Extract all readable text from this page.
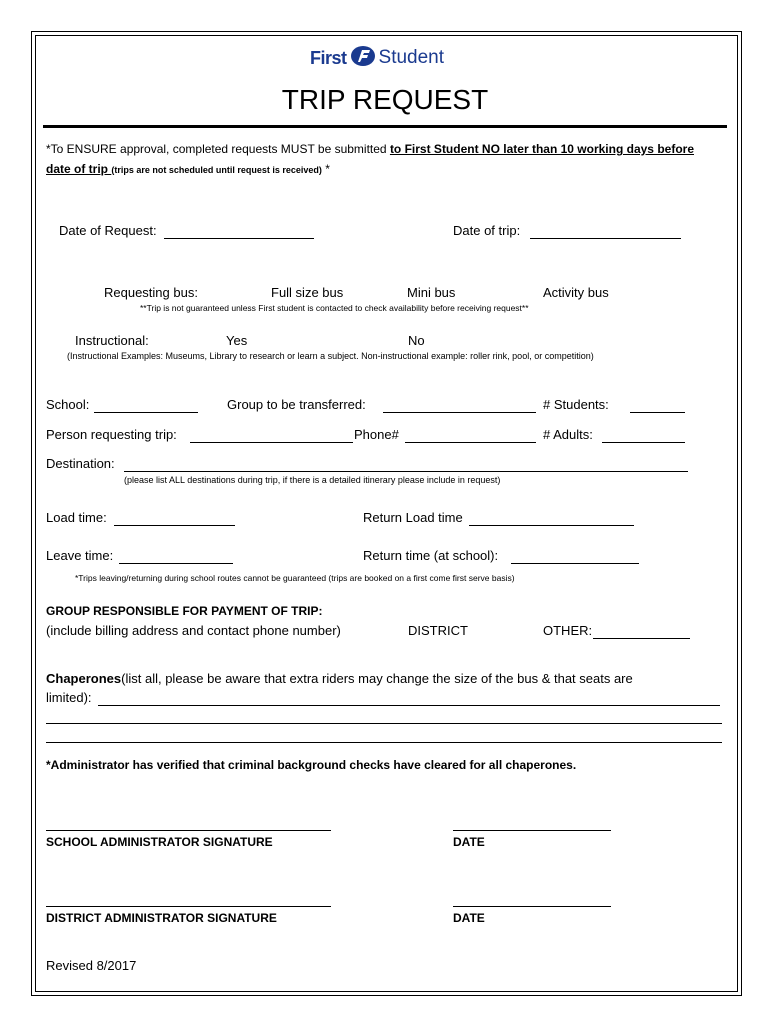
First Student
TRIP REQUEST
*To ENSURE approval, completed requests MUST be submitted to First Student NO later than 10 working days before
date of trip (trips are not scheduled until request is received) *
Date of Request:	Date of trip:
Requesting bus:	Full size bus	Mini bus	Activity bus
**Trip is not guaranteed unless First student is contacted to check availability before receiving request**
Instructional:	Yes	No
(Instructional Examples: Museums, Library to research or learn a subject. Non-instructional example: roller rink, pool, or competition)
School:	Group to be transferred:	# Students:
Person requesting trip:	Phone#	# Adults:
Destination:
(please list ALL destinations during trip, if there is a detailed itinerary please include in request)
Load time:	Return Load time
Leave time:	Return time (at school):
*Trips leaving/returning during school routes cannot be guaranteed (trips are booked on a first come first serve basis)
GROUP RESPONSIBLE FOR PAYMENT OF TRIP:
(include billing address and contact phone number)	DISTRICT	OTHER:
Chaperones(list all, please be aware that extra riders may change the size of the bus & that seats are
limited):
*Administrator has verified that criminal background checks have cleared for all chaperones.
SCHOOL ADMINISTRATOR SIGNATURE	DATE
DISTRICT ADMINISTRATOR SIGNATURE	DATE
Revised 8/2017
